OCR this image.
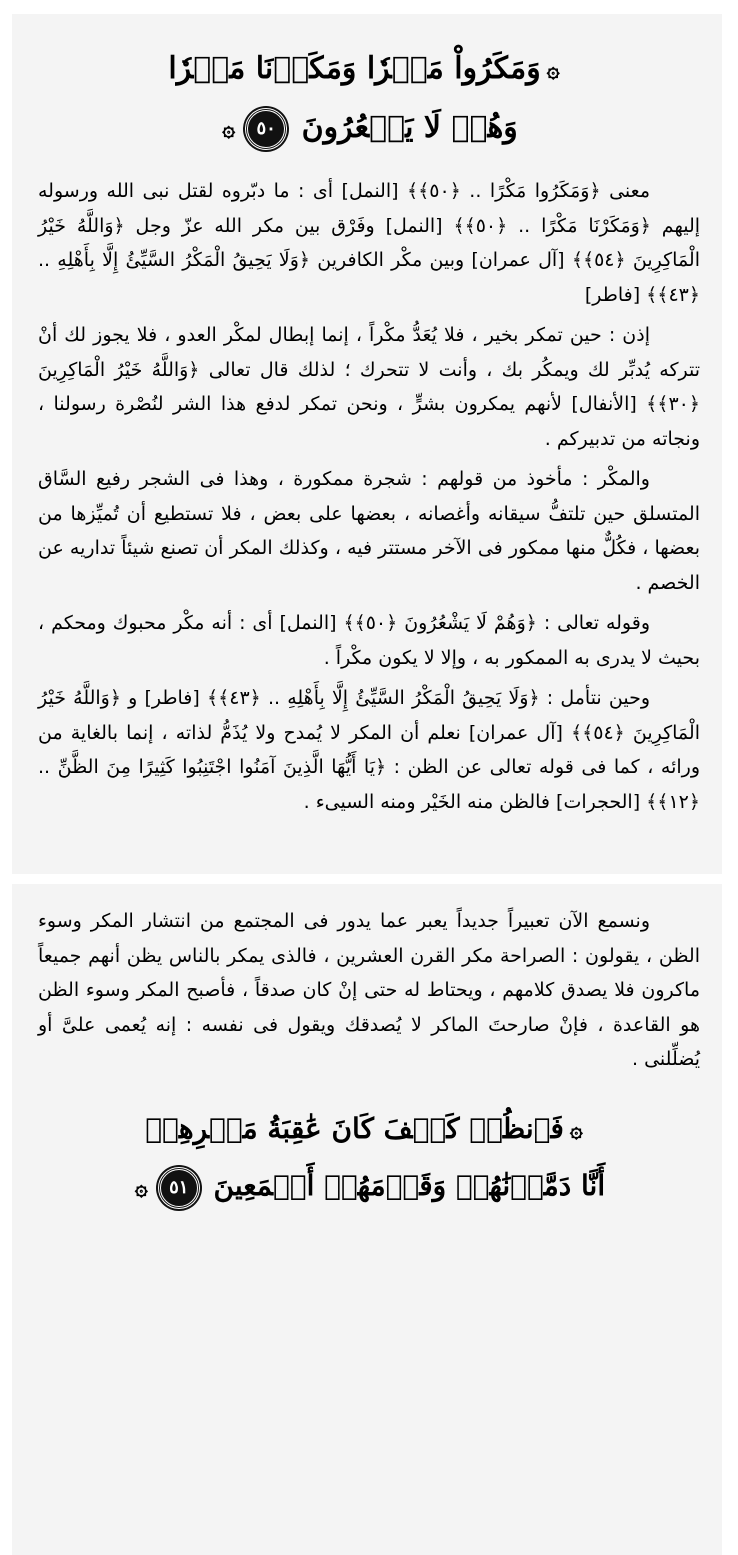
۞وَمَكَرُواْ مَكۡرٗا وَمَكَرۡنَا مَكۡرٗا
وَهُمۡ لَا يَشۡعُرُونَ ٥٠۞

معنى ﴿وَمَكَرُوا مَكْرًا .. ﴿٥٠﴾﴾ [النمل] أى : ما دبّروه لقتل نبى الله ورسوله إليهم ﴿وَمَكَرْنَا مَكْرًا .. ﴿٥٠﴾﴾ [النمل] وفَرْق بين مكر الله عزّ وجل ﴿وَاللَّهُ خَيْرُ الْمَاكِرِينَ ﴿٥٤﴾﴾ [آل عمران] وبين مكْر الكافرين ﴿وَلَا يَحِيقُ الْمَكْرُ السَّيِّئُ إِلَّا بِأَهْلِهِ .. ﴿٤٣﴾﴾ [فاطر]

إذن : حين تمكر بخير ، فلا يُعَدُّ مكْراً ، إنما إبطال لمكْر العدو ، فلا يجوز لك أنْ تتركه يُدبِّر لك ويمكُر بك ، وأنت لا تتحرك ؛ لذلك قال تعالى ﴿وَاللَّهُ خَيْرُ الْمَاكِرِينَ ﴿٣٠﴾﴾ [الأنفال] لأنهم يمكرون بشرٍّ ، ونحن تمكر لدفع هذا الشر لنُصْرة رسولنا ، ونجاته من تدبيركم .

والمكْر : مأخوذ من قولهم : شجرة ممكورة ، وهذا فى الشجر رفيع السَّاق المتسلق حين تلتفُّ سيقانه وأغصانه ، بعضها على بعض ، فلا تستطيع أن تُميِّزها من بعضها ، فكُلٌّ منها ممكور فى الآخر مستتر فيه ، وكذلك المكر أن تصنع شيئاً تداريه عن الخصم .

وقوله تعالى : ﴿وَهُمْ لَا يَشْعُرُونَ ﴿٥٠﴾﴾ [النمل] أى : أنه مكْر محبوك ومحكم ، بحيث لا يدرى به الممكور به ، وإلا لا يكون مكْراً .

وحين نتأمل : ﴿وَلَا يَحِيقُ الْمَكْرُ السَّيِّئُ إِلَّا بِأَهْلِهِ .. ﴿٤٣﴾﴾ [فاطر] و ﴿وَاللَّهُ خَيْرُ الْمَاكِرِينَ ﴿٥٤﴾﴾ [آل عمران] نعلم أن المكر لا يُمدح ولا يُذَمُّ لذاته ، إنما بالغاية من ورائه ، كما فى قوله تعالى عن الظن : ﴿يَا أَيُّهَا الَّذِينَ آمَنُوا اجْتَنِبُوا كَثِيرًا مِنَ الظَّنِّ .. ﴿١٢﴾﴾ [الحجرات] فالظن منه الخَيْر ومنه السيىء .

ونسمع الآن تعبيراً جديداً يعبر عما يدور فى المجتمع من انتشار المكر وسوء الظن ، يقولون : الصراحة مكر القرن العشرين ، فالذى يمكر بالناس يظن أنهم جميعاً ماكرون فلا يصدق كلامهم ، ويحتاط له حتى إنْ كان صدقاً ، فأصبح المكر وسوء الظن هو القاعدة ، فإنْ صارحتَ الماكر لا يُصدقك ويقول فى نفسه : إنه يُعمى علىَّ أو يُضلِّلنى .

۞فَٱنظُرۡ كَيۡفَ كَانَ عَٰقِبَةُ مَكۡرِهِمۡ
أَنَّا دَمَّرۡنَٰهُمۡ وَقَوۡمَهُمۡ أَجۡمَعِينَ ٥١۞
